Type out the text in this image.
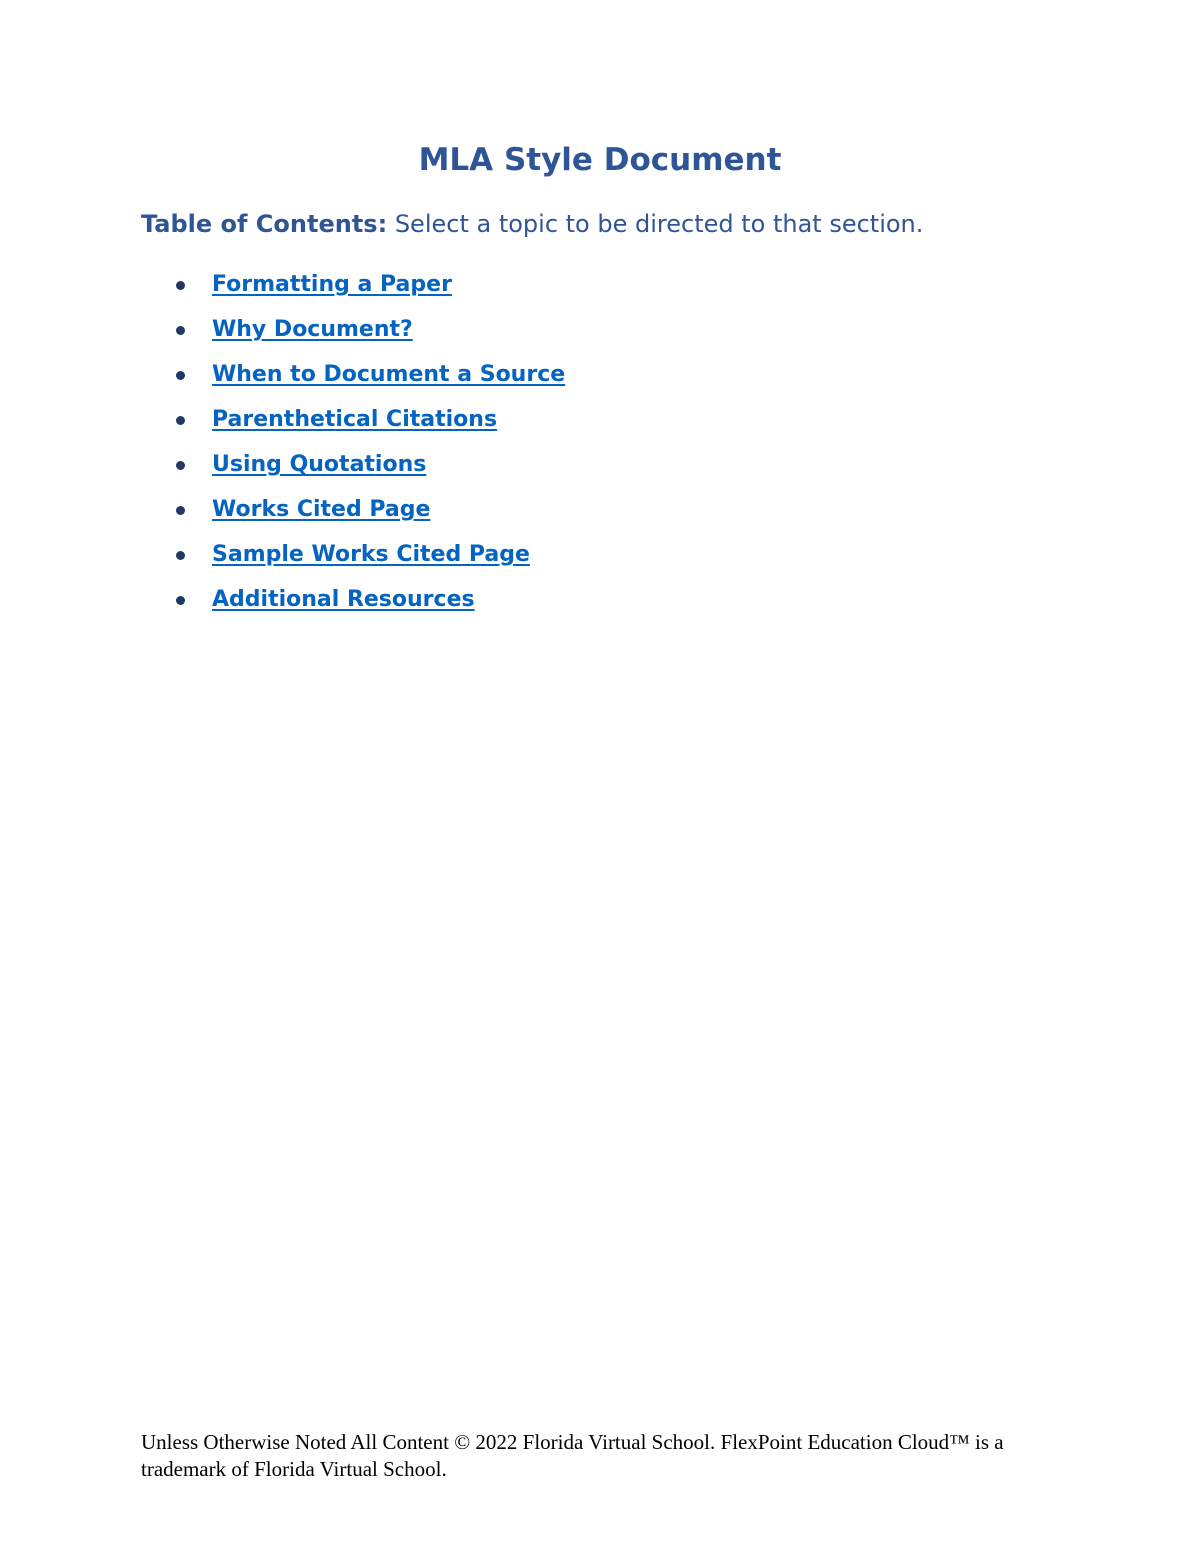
MLA Style Document

Table of Contents: Select a topic to be directed to that section.

Formatting a Paper
Why Document?
When to Document a Source
Parenthetical Citations
Using Quotations
Works Cited Page
Sample Works Cited Page
Additional Resources

Unless Otherwise Noted All Content © 2022 Florida Virtual School. FlexPoint Education Cloud™ is a trademark of Florida Virtual School.
